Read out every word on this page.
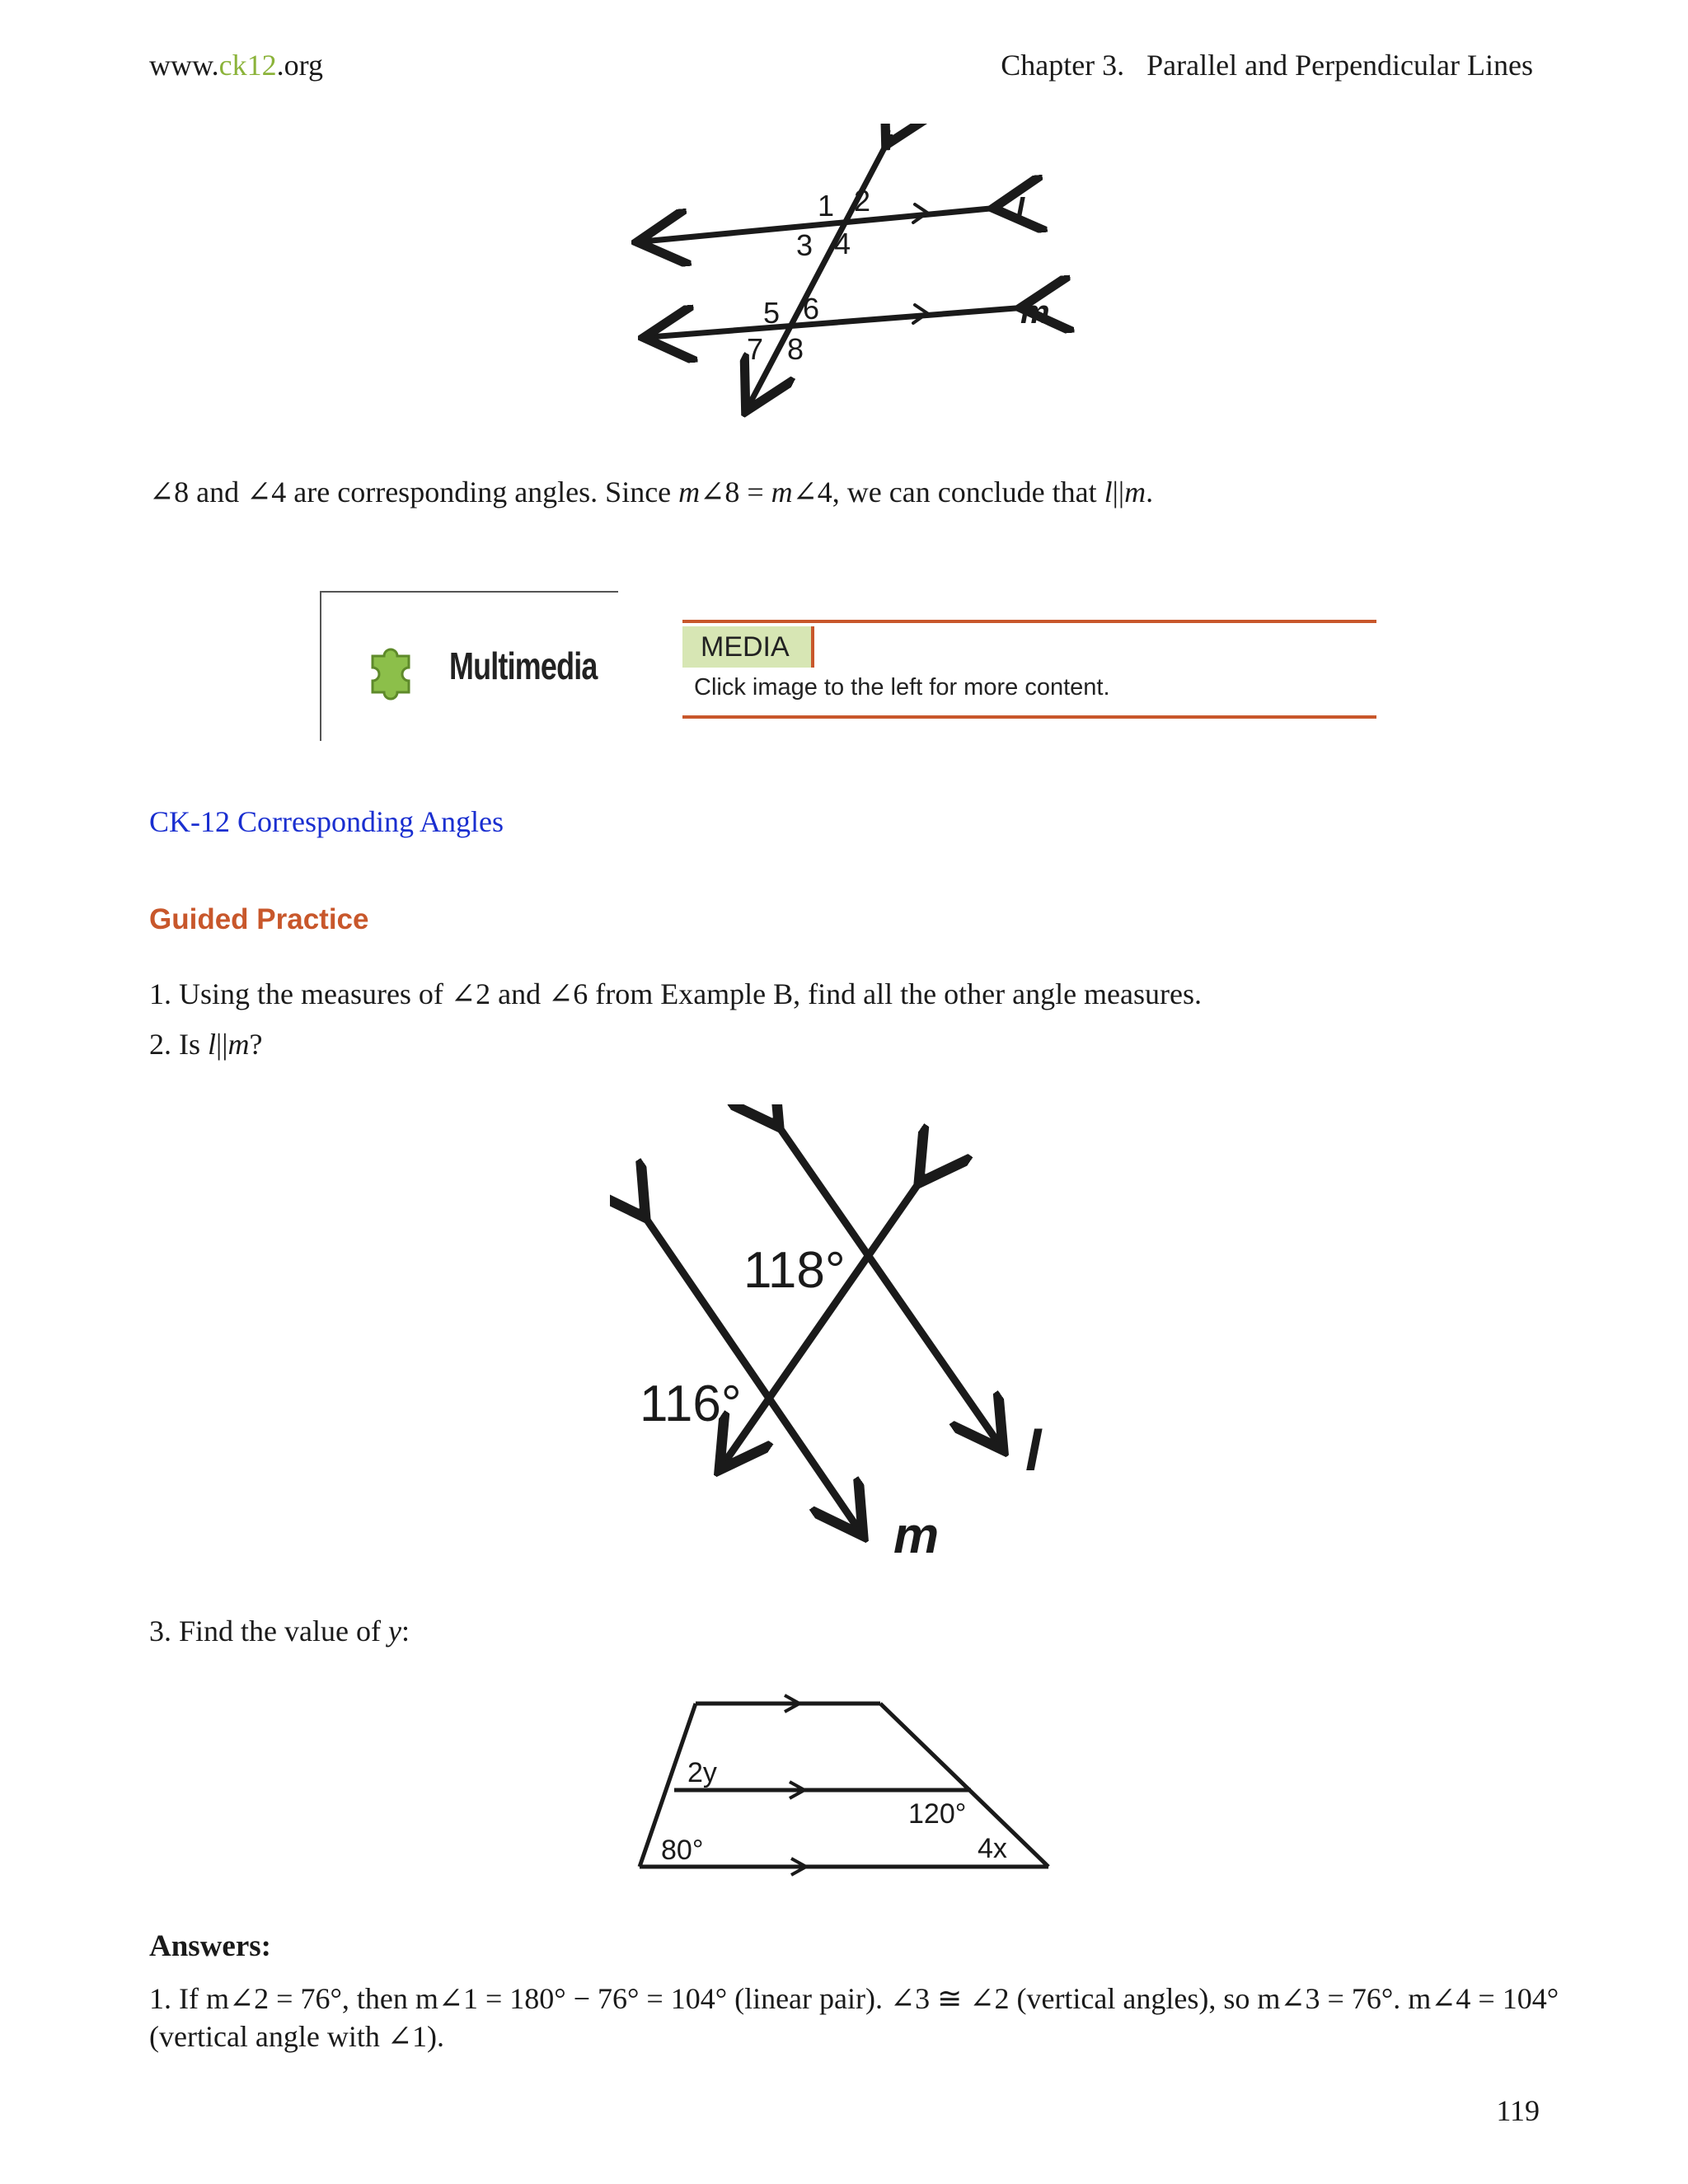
www.ck12.org	Chapter 3.   Parallel and Perpendicular Lines
t
l
m
1 2
3 4
5 6
7 8
∠8 and ∠4 are corresponding angles. Since m∠8 = m∠4, we can conclude that l||m.
Multimedia	MEDIA
Click image to the left for more content.
CK-12 Corresponding Angles
Guided Practice
1. Using the measures of ∠2 and ∠6 from Example B, find all the other angle measures.
2. Is l||m?
118°
116°
l
m
3. Find the value of y:
2y
120°
80°	4x
Answers:
1. If m∠2 = 76°, then m∠1 = 180° − 76° = 104° (linear pair). ∠3 ≅ ∠2 (vertical angles), so m∠3 = 76°. m∠4 = 104°
(vertical angle with ∠1).
119
